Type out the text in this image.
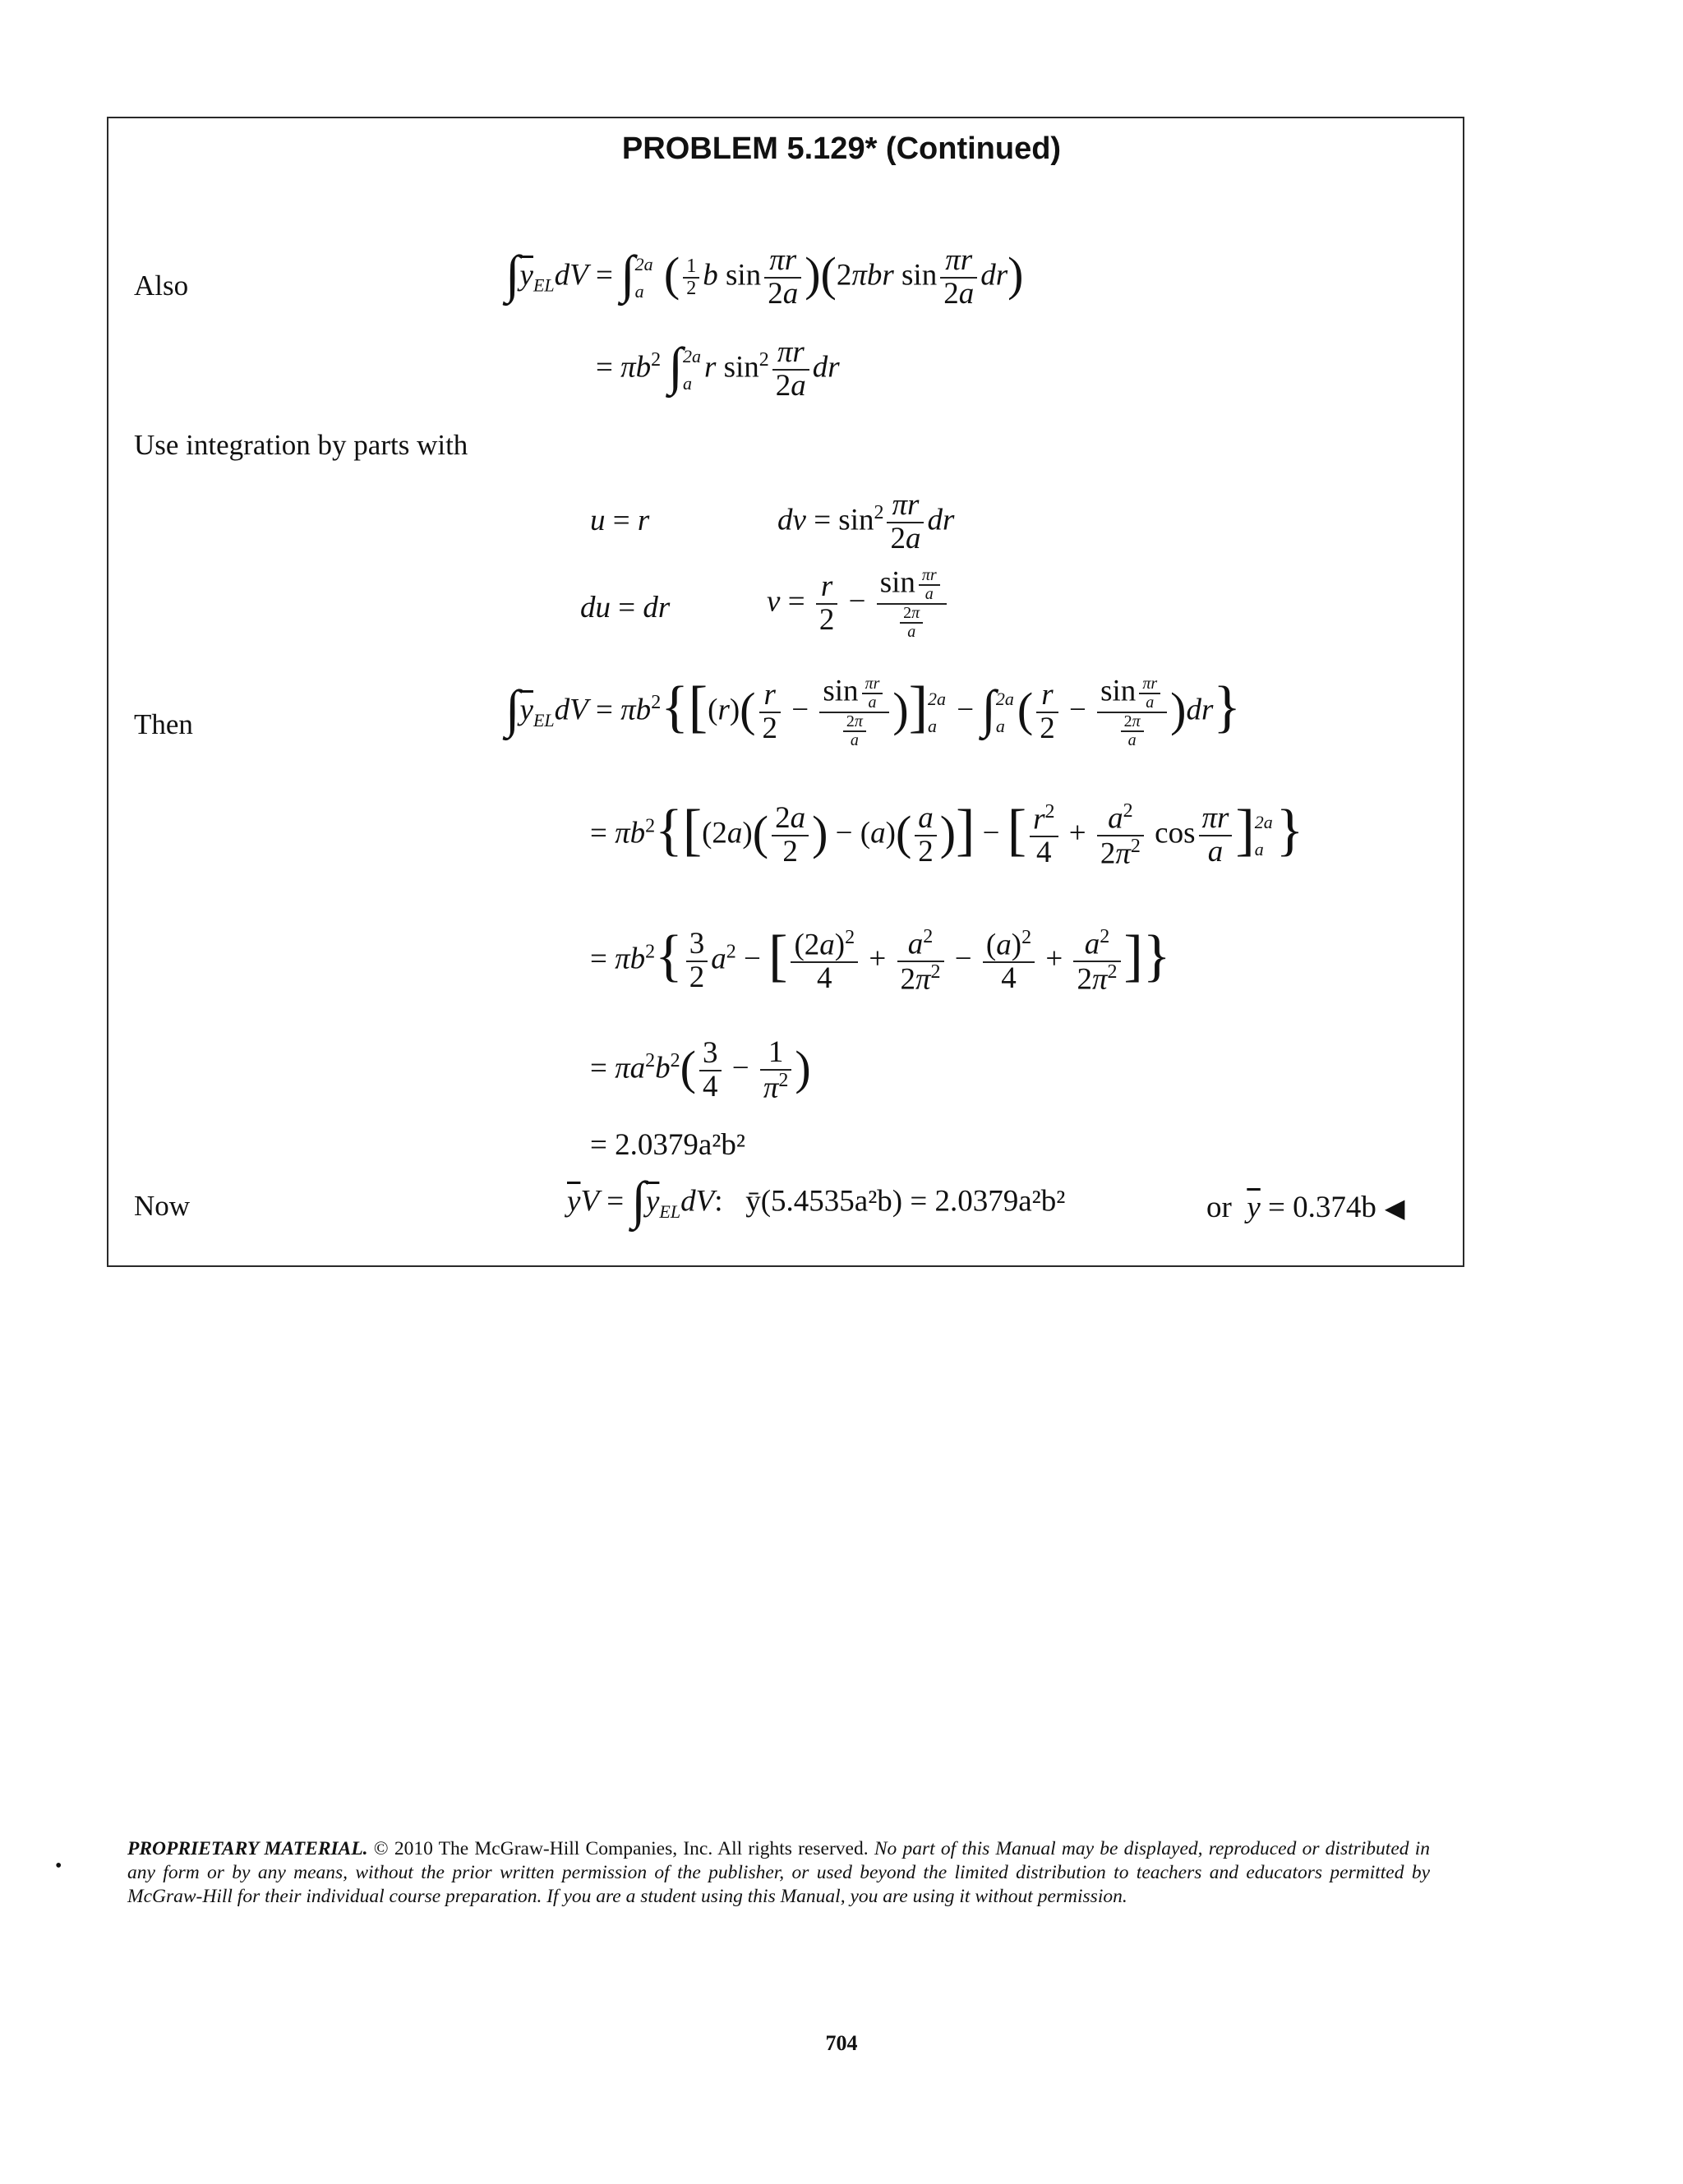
PROBLEM 5.129* (Continued)
Also
Use integration by parts with
Then
Now
$\int\overline{y}_{EL}dV$ = ∫ 2a
a ( $\frac{1}{2}$ b $\sin \frac{\pi r}{2a} )(2\pi br$ $\sin \frac{\pi r}{2a} dr$)
= $\pi b^2$ ∫ 2a
a r $\sin^2 \frac{\pi r}{2a}$ dr
u = r	dv = $\sin^2 \frac{\pi r}{2a}$ dr
du = dr	$v = \frac{r}{2}$ −
$\sin \frac{\pi r}{a}$
$\frac{2\pi}{a}$
$\int\overline{y}_{EL}dV = \pi b^2\{[(r)( \frac{r}{2}$ −
$\sin \frac{\pi r}{a}$
$\frac{2\pi}{a}$ )] 2a
a − ∫ 2a
a ( $\frac{r}{2}$ −
$\sin \frac{\pi r}{a}$
$\frac{2\pi}{a} )dr$}
= $\pi b^2\{[(2a)( \frac{2a}{2}$ ) − $(a)( \frac{a}{2}$ )] − [ $\frac{r^2}{4} + \frac{a^2}{2\pi^2}$ $\cos \frac{\pi r}{a}$ ] 2a
a }
= $\pi b^2\{ \frac{3}{2} a^2$ − [ $\frac{(2a)^2}{4} + \frac{a^2}{2\pi^2} - \frac{(a)^2}{4} + \frac{a^2}{2\pi^2}$ ]}
= $\pi a^2b^2( \frac{3}{4} - \frac{1}{\pi^2}$ )
= 2.0379a²b²
$\overline{y}V = \int\overline{y}_{EL}dV$:   ȳ(5.4535a²b) = 2.0379a²b²	or $\overline{y} = 0.374b$ ◀
•
PROPRIETARY MATERIAL. © 2010 The McGraw-Hill Companies, Inc. All rights reserved. No part of this Manual may be displayed, reproduced or distributed in any form or by any means, without the prior written permission of the publisher, or used beyond the limited distribution to teachers and educators permitted by McGraw-Hill for their individual course preparation. If you are a student using this Manual, you are using it without permission.
704
